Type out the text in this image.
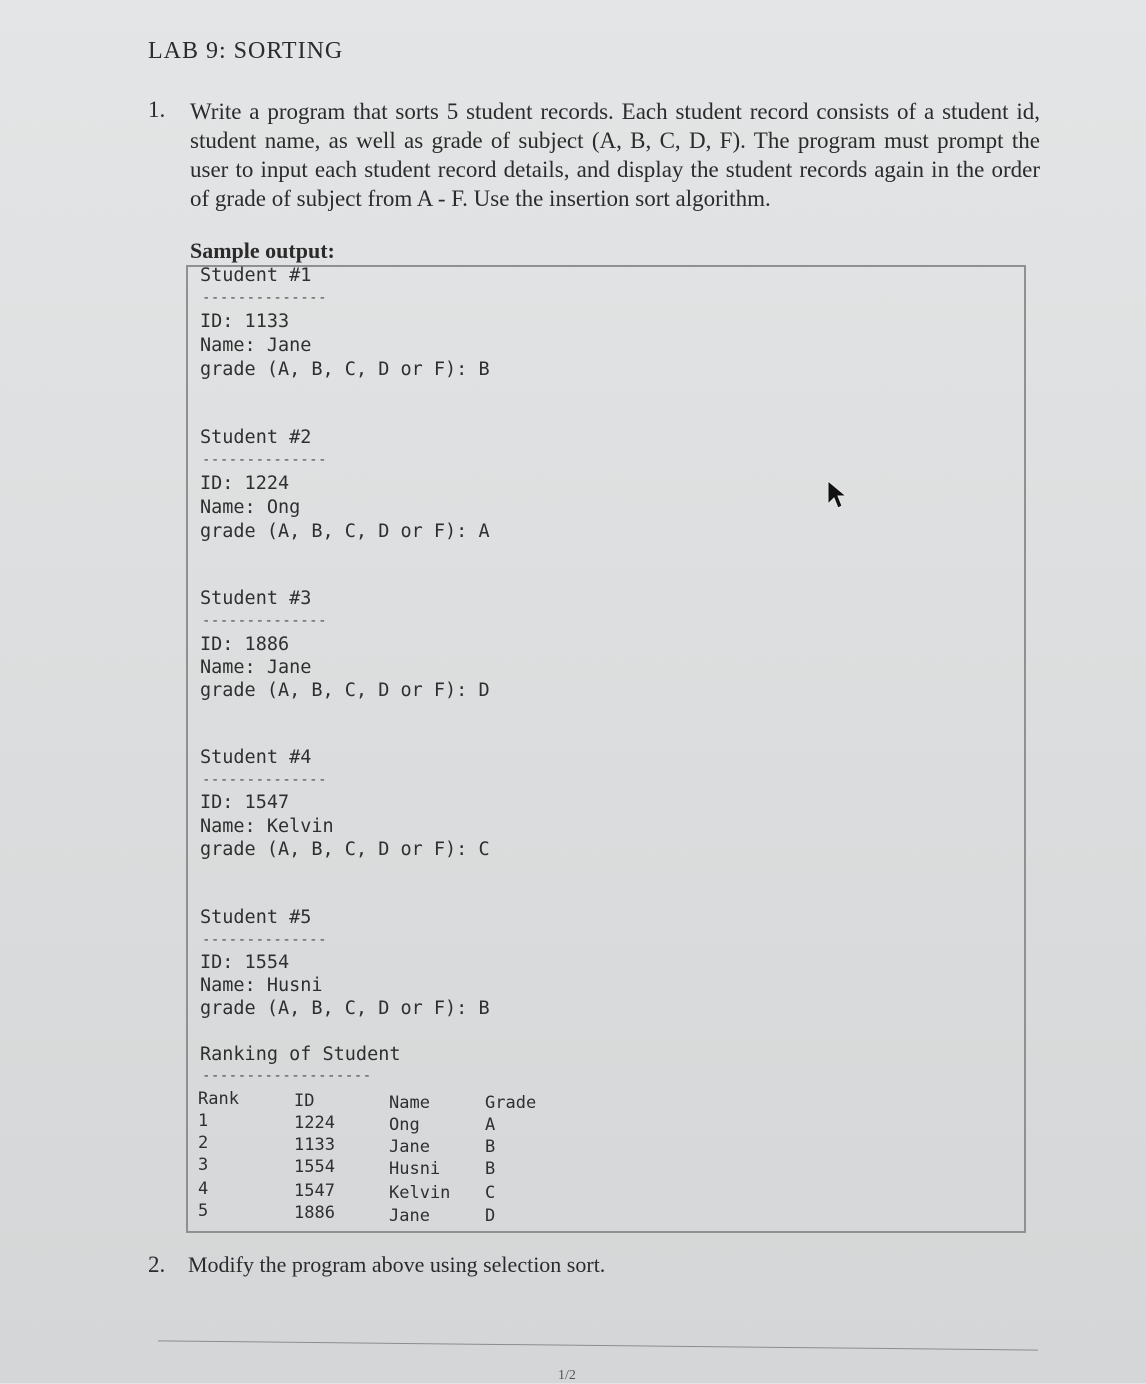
LAB 9: SORTING
1. Write a program that sorts 5 student records. Each student record consists of a student id, student name, as well as grade of subject (A, B, C, D, F). The program must prompt the user to input each student record details, and display the student records again in the order of grade of subject from A - F. Use the insertion sort algorithm.
Sample output:
Student #1
--------------
ID: 1133
Name: Jane
grade (A, B, C, D or F): B
Student #2
--------------
ID: 1224
Name: Ong
grade (A, B, C, D or F): A
Student #3
--------------
ID: 1886
Name: Jane
grade (A, B, C, D or F): D
Student #4
--------------
ID: 1547
Name: Kelvin
grade (A, B, C, D or F): C
Student #5
--------------
ID: 1554
Name: Husni
grade (A, B, C, D or F): B
Ranking of Student
-------------------
Rank	ID	Name	Grade
1	1224	Ong	A
2	1133	Jane	B
3	1554	Husni	B
4	1547	Kelvin C
5	1886	Jane	D
2. Modify the program above using selection sort.
1/2
